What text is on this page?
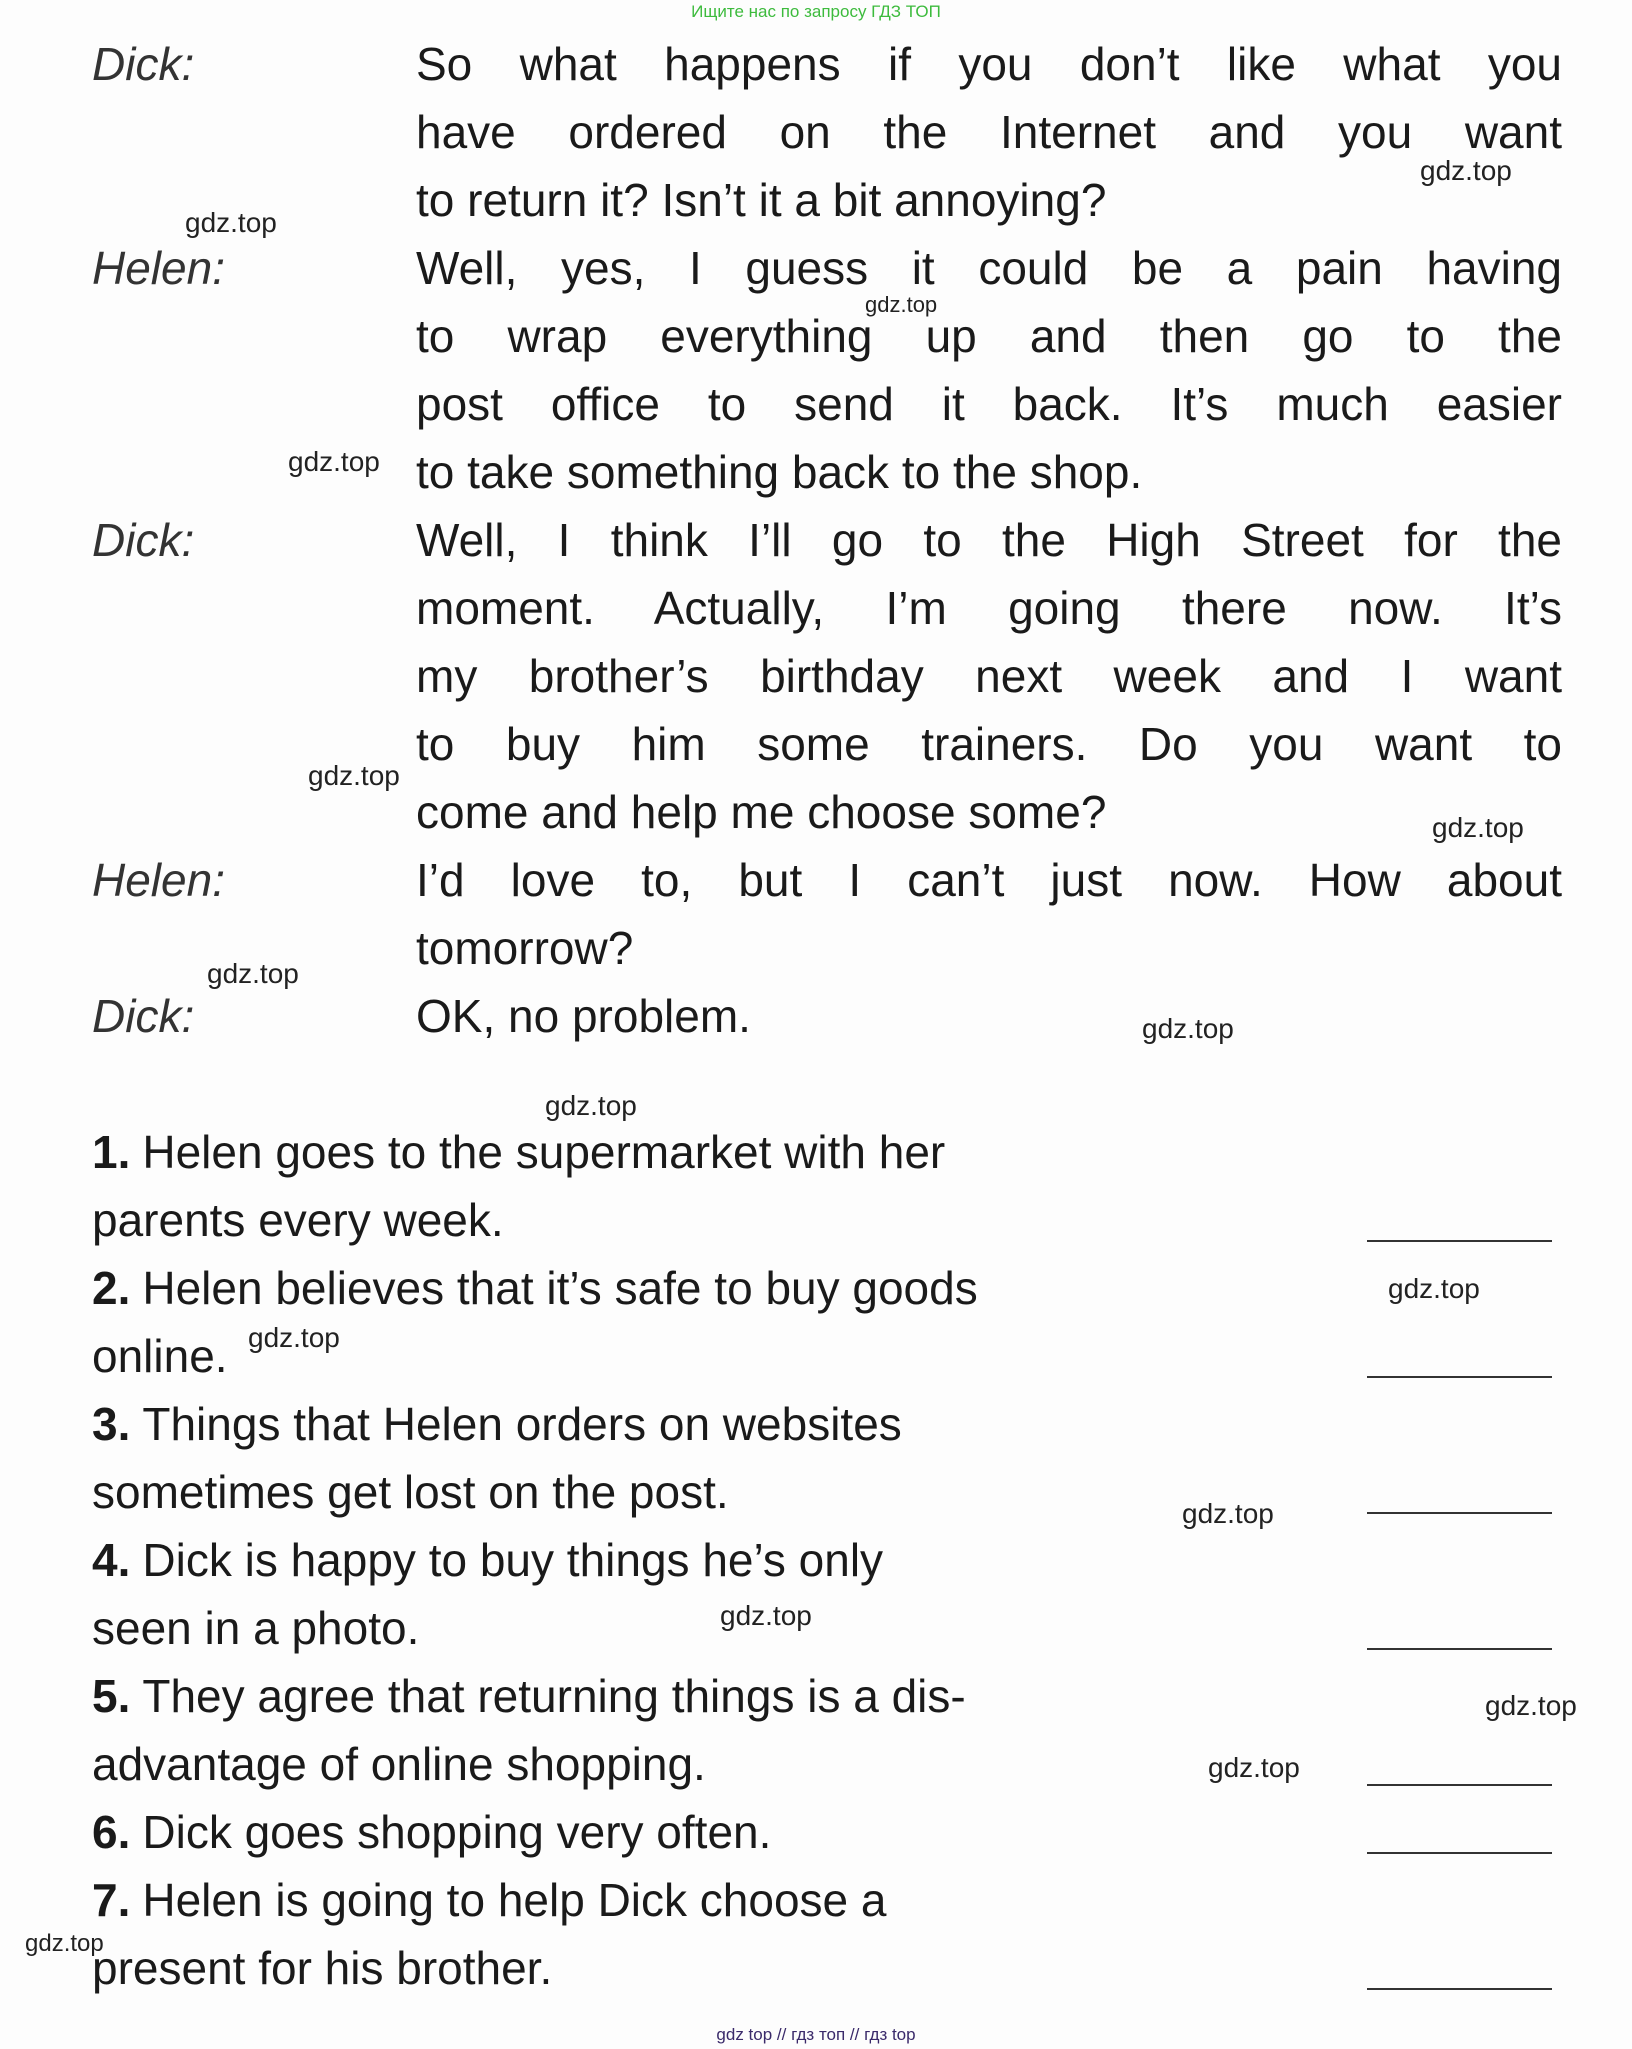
Ищите нас по запросу ГДЗ ТОП
Dick:	So what happens if you don’t like what you
have ordered on the Internet and you want
to return it? Isn’t it a bit annoying?
Helen:	Well, yes, I guess it could be a pain having
to wrap everything up and then go to the
post office to send it back. It’s much easier
to take something back to the shop.
Dick:	Well, I think I’ll go to the High Street for the
moment. Actually, I’m going there now. It’s
my brother’s birthday next week and I want
to buy him some trainers. Do you want to
come and help me choose some?
Helen:	I’d love to, but I can’t just now. How about
tomorrow?
Dick:	OK, no problem.
1. Helen goes to the supermarket with her
parents every week.
2. Helen believes that it’s safe to buy goods
online.
3. Things that Helen orders on websites
sometimes get lost on the post.
4. Dick is happy to buy things he’s only
seen in a photo.
5. They agree that returning things is a dis-
advantage of online shopping.
6. Dick goes shopping very often.
7. Helen is going to help Dick choose a
present for his brother.
gdz.top
gdz.top
gdz.top
gdz.top
gdz.top
gdz.top
gdz.top
gdz.top
gdz.top
gdz.top
gdz.top
gdz.top
gdz.top
gdz.top
gdz.top
gdz.top
gdz top // гдз топ // гдз top
